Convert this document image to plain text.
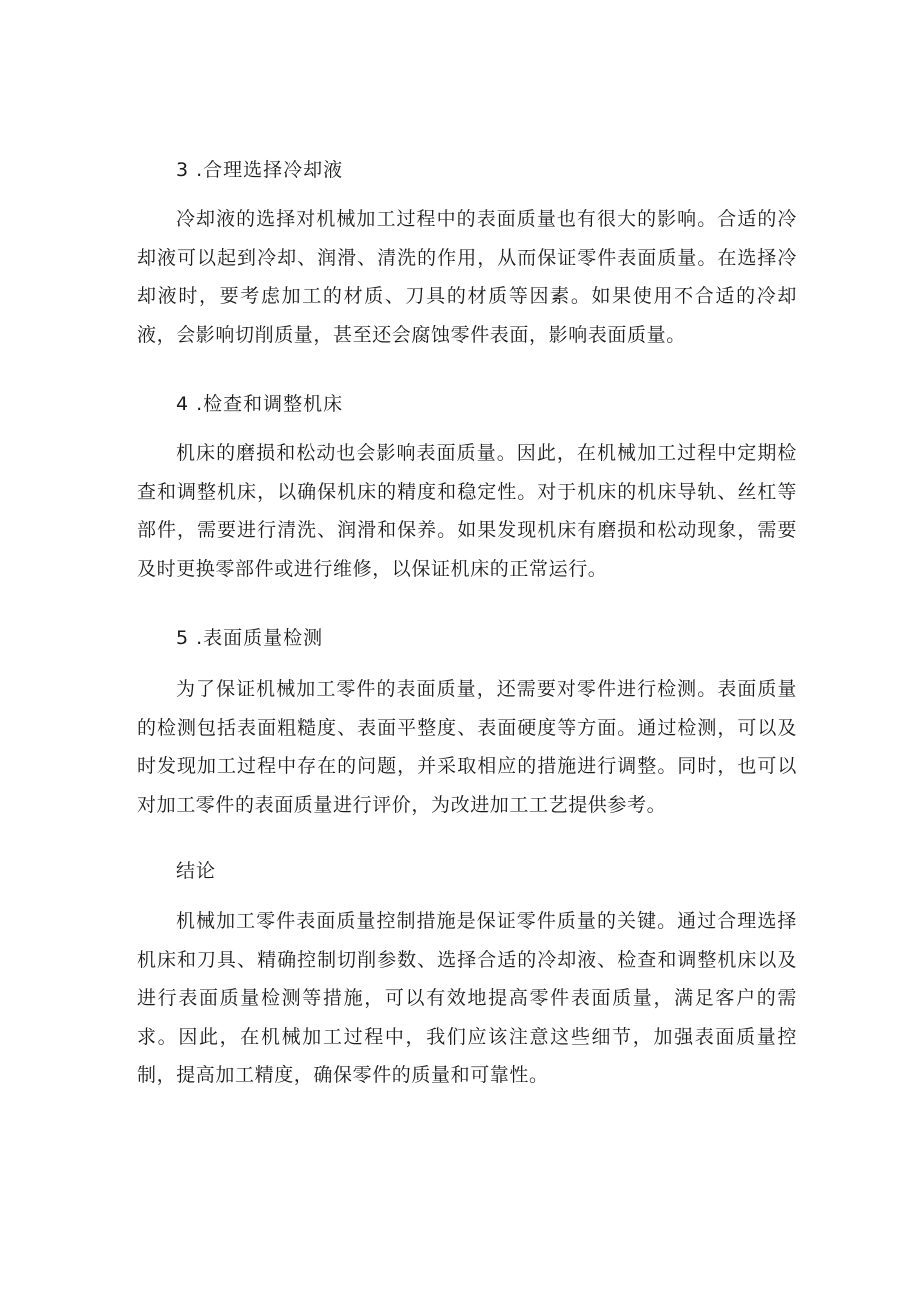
3 .合理选择冷却液
冷却液的选择对机械加工过程中的表面质量也有很大的影响。合适的冷却液可以起到冷却、润滑、清洗的作用，从而保证零件表面质量。在选择冷却液时，要考虑加工的材质、刀具的材质等因素。如果使用不合适的冷却液，会影响切削质量，甚至还会腐蚀零件表面，影响表面质量。
4 .检查和调整机床
机床的磨损和松动也会影响表面质量。因此，在机械加工过程中定期检查和调整机床，以确保机床的精度和稳定性。对于机床的机床导轨、丝杠等部件，需要进行清洗、润滑和保养。如果发现机床有磨损和松动现象，需要及时更换零部件或进行维修，以保证机床的正常运行。
5 .表面质量检测
为了保证机械加工零件的表面质量，还需要对零件进行检测。表面质量的检测包括表面粗糙度、表面平整度、表面硬度等方面。通过检测，可以及时发现加工过程中存在的问题，并采取相应的措施进行调整。同时，也可以对加工零件的表面质量进行评价，为改进加工工艺提供参考。
结论
机械加工零件表面质量控制措施是保证零件质量的关键。通过合理选择机床和刀具、精确控制切削参数、选择合适的冷却液、检查和调整机床以及进行表面质量检测等措施，可以有效地提高零件表面质量，满足客户的需求。因此，在机械加工过程中，我们应该注意这些细节，加强表面质量控制，提高加工精度，确保零件的质量和可靠性。
